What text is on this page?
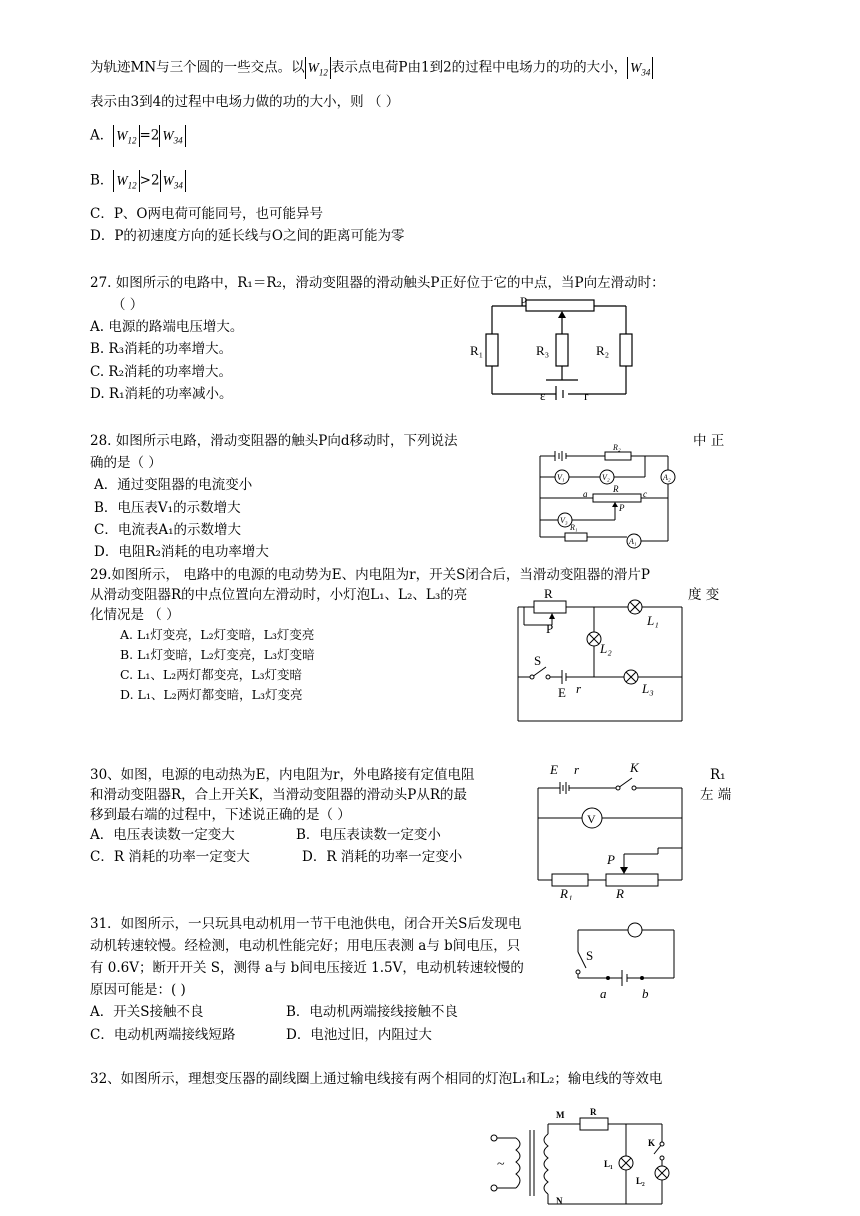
为轨迹MN与三个圆的一些交点。以 $W_{12}$ 表示点电荷P由1到2的过程中电场力的功的大小， $W_{34}$
表示由3到4的过程中电场力做的功的大小，则 （ ）
A． $W_{12} =2$ $W_{34}$
B． $W_{12} >2$ $W_{34}$
C．P、O两电荷可能同号，也可能异号
D．P的初速度方向的延长线与O之间的距离可能为零
27. 如图所示的电路中，R₁＝R₂，滑动变阻器的滑动触头P正好位于它的中点，当P向左滑动时：
（ ）
A. 电源的路端电压增大。
B. R₃消耗的功率增大。
C. R₂消耗的功率增大。
D. R₁消耗的功率减小。
P
R₁	R₃	R₂
ε	r
28. 如图所示电路，滑动变阻器的触头P向d移动时，下列说法	中 正
确的是（ ）
A．通过变阻器的电流变小
B．电压表V₁的示数增大
C．电流表A₁的示数增大
D．电阻R₂消耗的电功率增大
R₂
V₁	V₂	A₂
a	R	c
P
V₃
R₁
A₁
29.如图所示， 电路中的电源的电动势为E、内电阻为r，开关S闭合后，当滑动变阻器的滑片P
从滑动变阻器R的中点位置向左滑动时，小灯泡L₁、L₂、L₃的亮	度 变
化情况是 （ ）
A. L₁灯变亮，L₂灯变暗，L₃灯变亮
B. L₁灯变暗，L₂灯变亮，L₃灯变暗
C. L₁、L₂两灯都变亮，L₃灯变暗
D. L₁、L₂两灯都变暗，L₃灯变亮
R
P
L₁
L₂
S
E r	L₃
30、如图，电源的电动热为E，内电阻为r，外电路接有定值电阻	R₁
和滑动变阻器R，合上开关K，当滑动变阻器的滑动头P从R的最	左 端
移到最右端的过程中，下述说正确的是（ ）
A．电压表读数一定变大	B．电压表读数一定变小
C．R 消耗的功率一定变大	D．R 消耗的功率一定变小
E r	K
V
P
R₁	R
31．如图所示，一只玩具电动机用一节干电池供电，闭合开关S后发现电
动机转速较慢。经检测，电动机性能完好；用电压表测 a与 b间电压，只
有 0.6V；断开开关 S，测得 a与 b间电压接近 1.5V，电动机转速较慢的
原因可能是：( )
A．开关S接触不良	B．电动机两端接线接触不良
C．电动机两端接线短路	D．电池过旧，内阻过大
S
a	b
32、如图所示，理想变压器的副线圈上通过输电线接有两个相同的灯泡L₁和L₂；输电线的等效电
M	R
K
~	L₁
L₂
N
